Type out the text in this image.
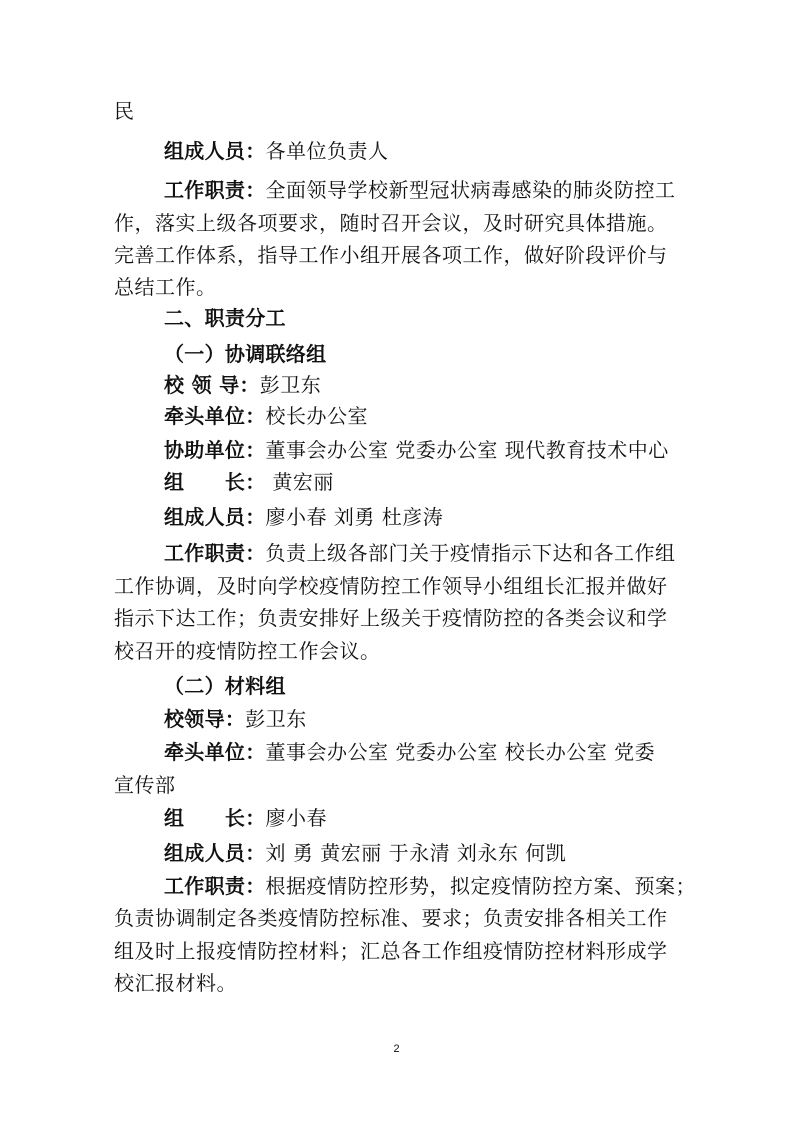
民
组成人员：各单位负责人
工作职责：全面领导学校新型冠状病毒感染的肺炎防控工
作，落实上级各项要求，随时召开会议，及时研究具体措施。
完善工作体系，指导工作小组开展各项工作，做好阶段评价与
总结工作。
二、职责分工
（一）协调联络组
校 领 导：彭卫东
牵头单位：校长办公室
协助单位：董事会办公室 党委办公室 现代教育技术中心
组　　长： 黄宏丽
组成人员：廖小春 刘勇 杜彦涛
工作职责：负责上级各部门关于疫情指示下达和各工作组
工作协调，及时向学校疫情防控工作领导小组组长汇报并做好
指示下达工作；负责安排好上级关于疫情防控的各类会议和学
校召开的疫情防控工作会议。
（二）材料组
校领导：彭卫东
牵头单位：董事会办公室 党委办公室 校长办公室 党委
宣传部
组　　长：廖小春
组成人员：刘 勇 黄宏丽 于永清 刘永东 何凯
工作职责：根据疫情防控形势，拟定疫情防控方案、预案；
负责协调制定各类疫情防控标准、要求；负责安排各相关工作
组及时上报疫情防控材料；汇总各工作组疫情防控材料形成学
校汇报材料。
2
